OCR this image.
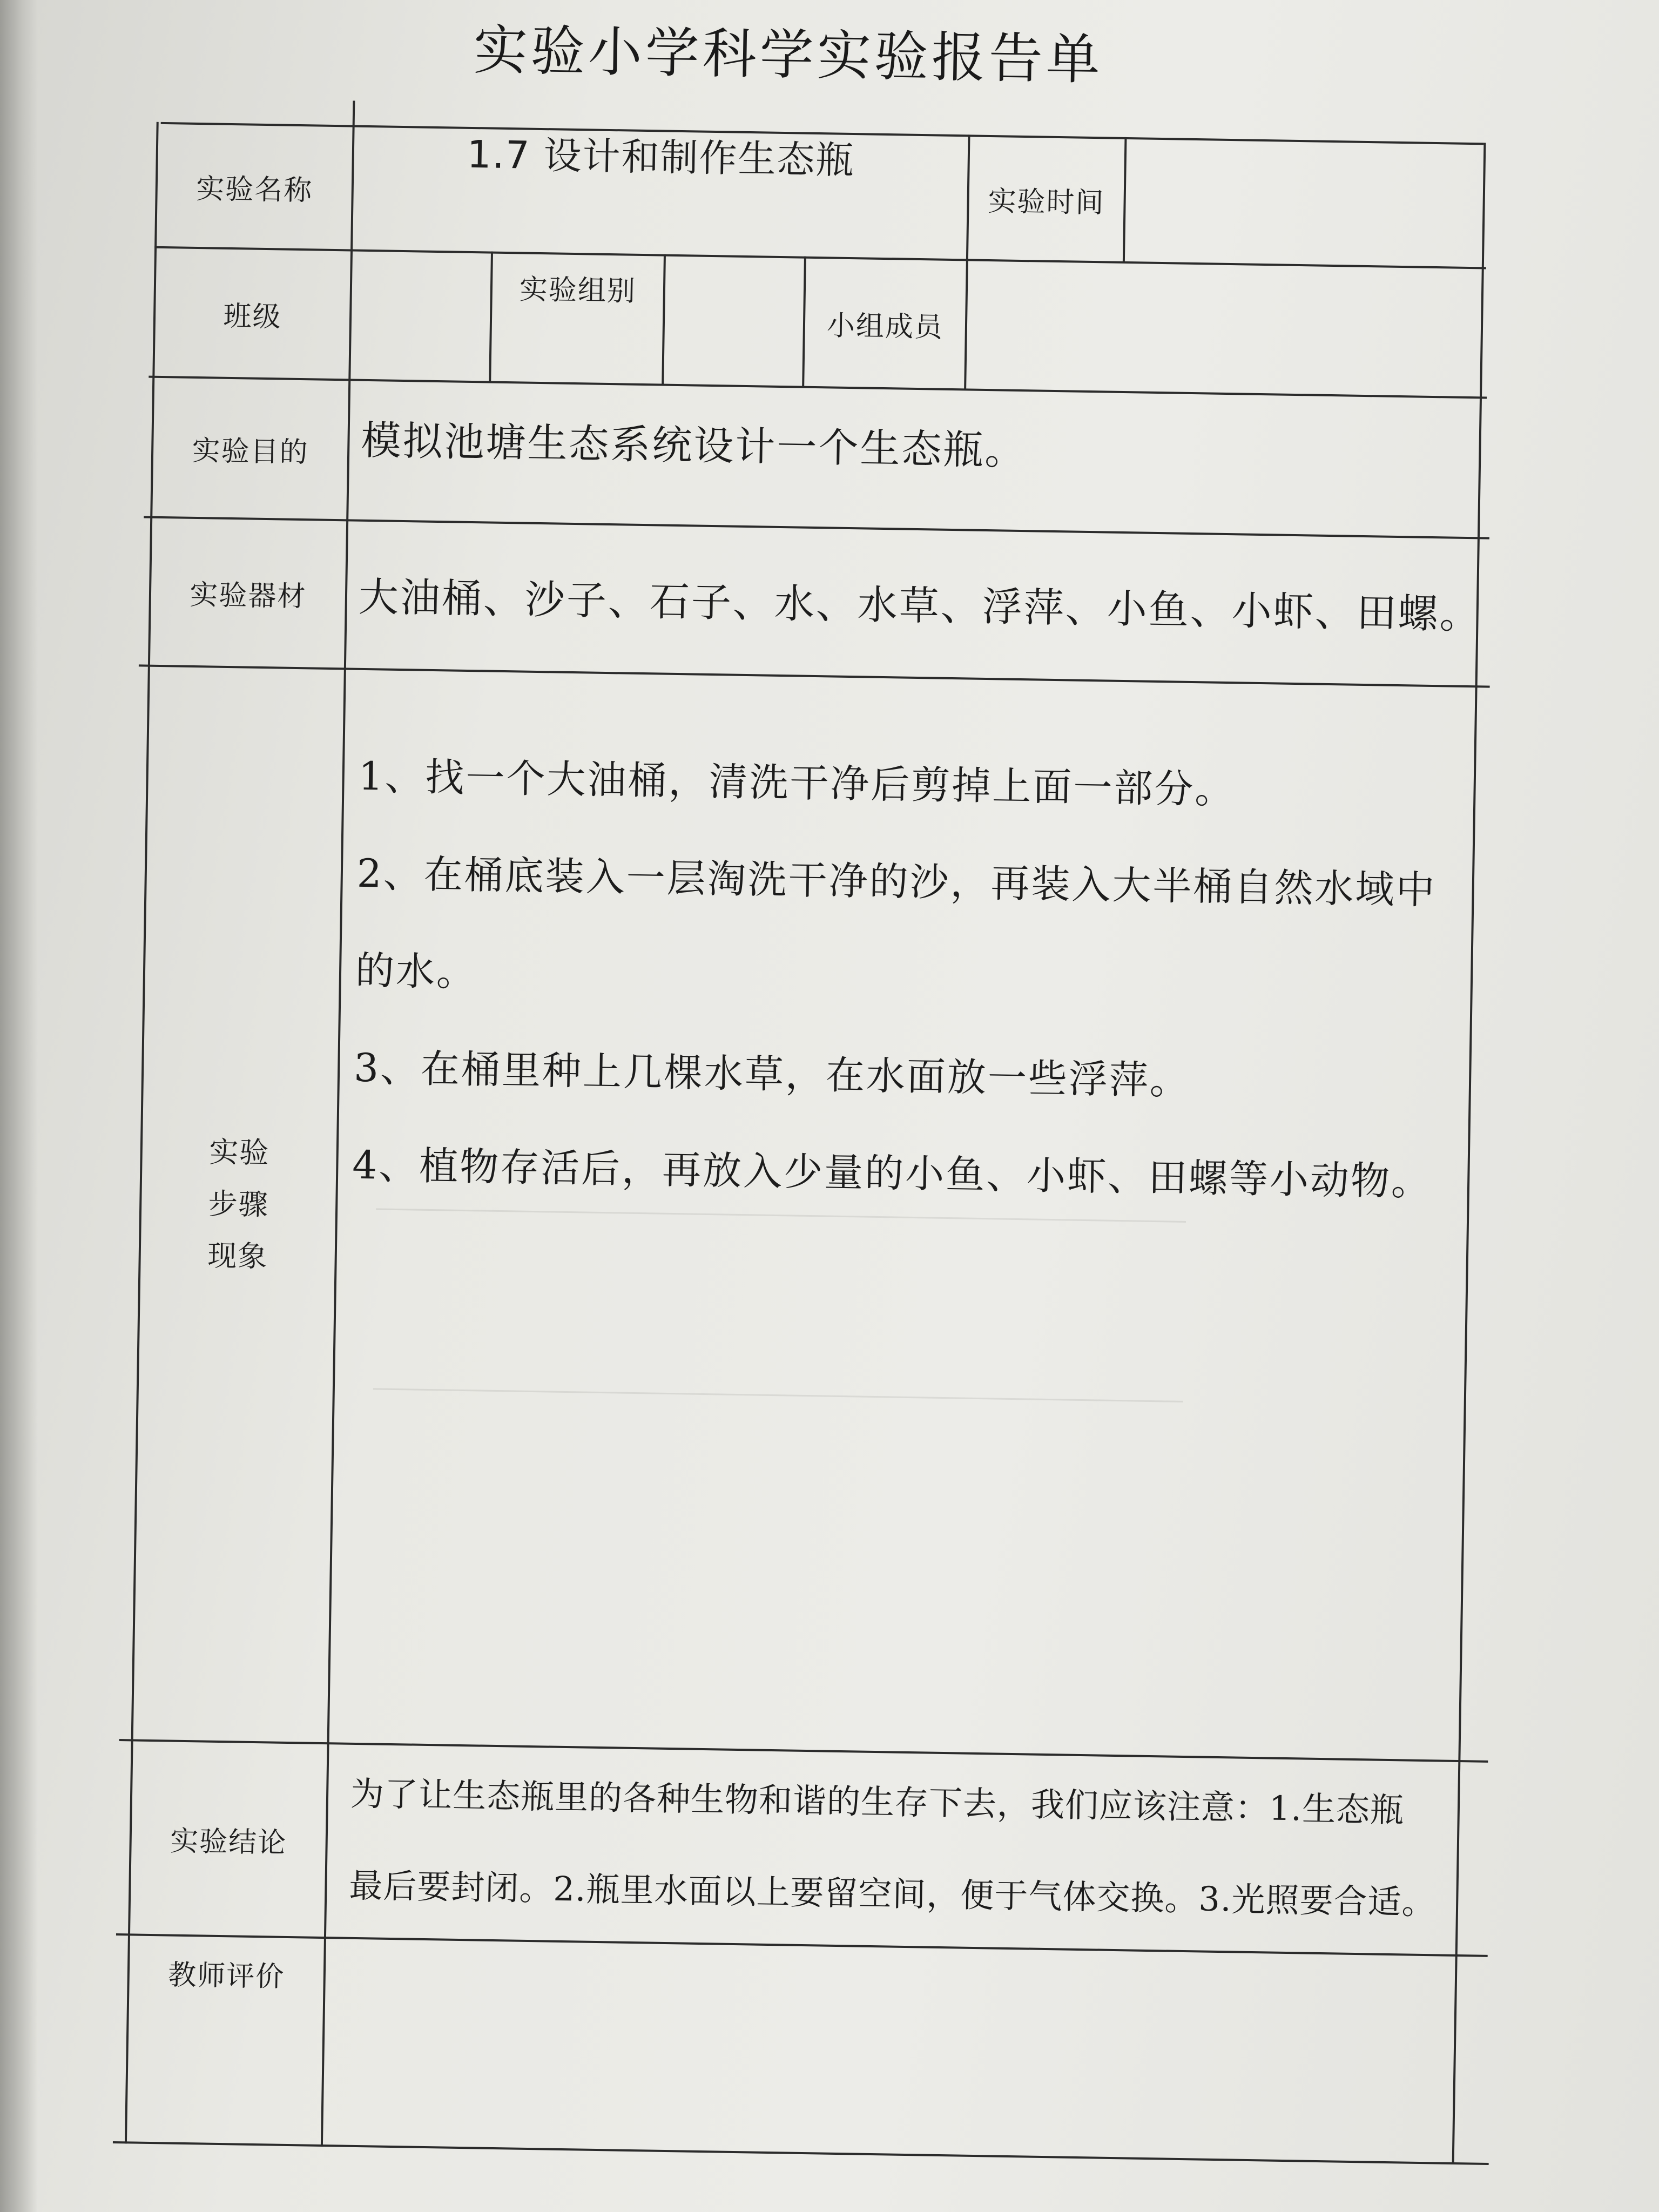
实验小学科学实验报告单
实验名称
1.7 设计和制作生态瓶
实验时间
班级
实验组别
小组成员
实验目的	模拟池塘生态系统设计一个生态瓶。
实验器材	大油桶、沙子、石子、水、水草、浮萍、小鱼、小虾、田螺。
实验
步骤
现象

1、找一个大油桶，清洗干净后剪掉上面一部分。

2、在桶底装入一层淘洗干净的沙，再装入大半桶自然水域中

的水。

3、在桶里种上几棵水草，在水面放一些浮萍。

4、植物存活后，再放入少量的小鱼、小虾、田螺等小动物。

实验结论
为了让生态瓶里的各种生物和谐的生存下去，我们应该注意：1.生态瓶
最后要封闭。2.瓶里水面以上要留空间，便于气体交换。3.光照要合适。
教师评价
